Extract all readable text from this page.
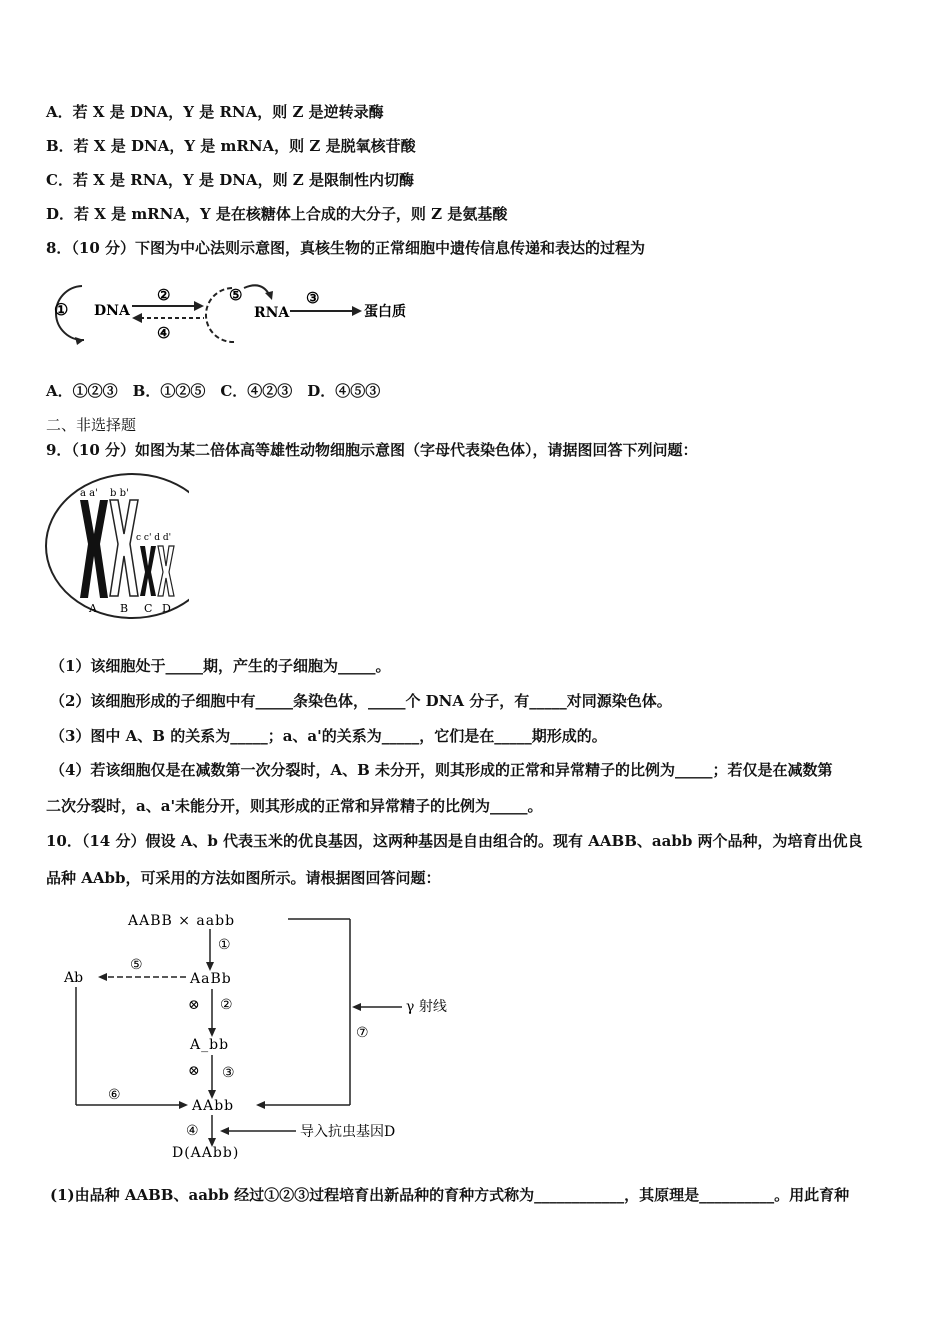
A．若 X 是 DNA，Y 是 RNA，则 Z 是逆转录酶
B．若 X 是 DNA，Y 是 mRNA，则 Z 是脱氧核苷酸
C．若 X 是 RNA，Y 是 DNA，则 Z 是限制性内切酶
D．若 X 是 mRNA，Y 是在核糖体上合成的大分子，则 Z 是氨基酸
8．（10 分）下图为中心法则示意图，真核生物的正常细胞中遗传信息传递和表达的过程为
① DNA
②
④
⑤
RNA
③
蛋白质
A．①②③　B．①②⑤　C．④②③　D．④⑤③
二、非选择题
9．（10 分）如图为某二倍体高等雄性动物细胞示意图（字母代表染色体），请据图回答下列问题：
a a' b b'
c c' d d'
A B C D
（1）该细胞处于_____期，产生的子细胞为_____。
（2）该细胞形成的子细胞中有_____条染色体，_____个 DNA 分子，有_____对同源染色体。
（3）图中 A、B 的关系为_____；a、a'的关系为_____，它们是在_____期形成的。
（4）若该细胞仅是在减数第一次分裂时，A、B 未分开，则其形成的正常和异常精子的比例为_____；若仅是在减数第
二次分裂时，a、a'未能分开，则其形成的正常和异常精子的比例为_____。
10．（14 分）假设 A、b 代表玉米的优良基因，这两种基因是自由组合的。现有 AABB、aabb 两个品种，为培育出优良
品种 AAbb，可采用的方法如图所示。请根据图回答问题：
AABB × aabb
⑦
γ 射线
①
AaBb
⑤
Ab
⑥
⊗ ②
A_bb
⊗ ③
AAbb
④	导入抗虫基因D
D(AAbb)
(1)由品种 AABB、aabb 经过①②③过程培育出新品种的育种方式称为____________，其原理是__________。用此育种
